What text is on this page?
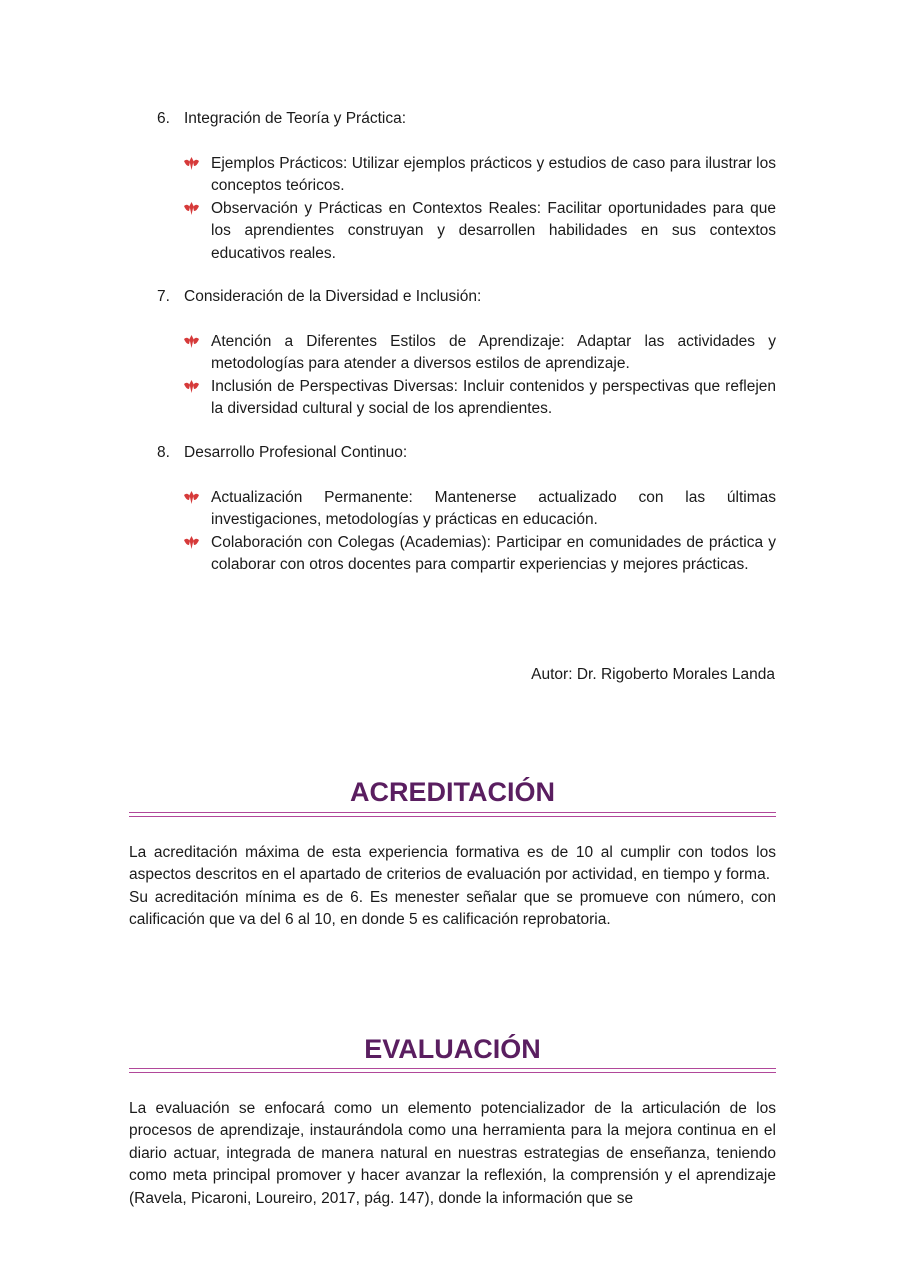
6. Integración de Teoría y Práctica:
Ejemplos Prácticos: Utilizar ejemplos prácticos y estudios de caso para ilustrar los conceptos teóricos.
Observación y Prácticas en Contextos Reales: Facilitar oportunidades para que los aprendientes construyan y desarrollen habilidades en sus contextos educativos reales.
7. Consideración de la Diversidad e Inclusión:
Atención a Diferentes Estilos de Aprendizaje: Adaptar las actividades y metodologías para atender a diversos estilos de aprendizaje.
Inclusión de Perspectivas Diversas: Incluir contenidos y perspectivas que reflejen la diversidad cultural y social de los aprendientes.
8. Desarrollo Profesional Continuo:
Actualización Permanente: Mantenerse actualizado con las últimas investigaciones, metodologías y prácticas en educación.
Colaboración con Colegas (Academias): Participar en comunidades de práctica y colaborar con otros docentes para compartir experiencias y mejores prácticas.
Autor: Dr. Rigoberto Morales Landa
ACREDITACIÓN
La acreditación máxima de esta experiencia formativa es de 10 al cumplir con todos los aspectos descritos en el apartado de criterios de evaluación por actividad, en tiempo y forma.
Su acreditación mínima es de 6. Es menester señalar que se promueve con número, con calificación que va del 6 al 10, en donde 5 es calificación reprobatoria.
EVALUACIÓN
La evaluación se enfocará como un elemento potencializador de la articulación de los procesos de aprendizaje, instaurándola como una herramienta para la mejora continua en el diario actuar, integrada de manera natural en nuestras estrategias de enseñanza, teniendo como meta principal promover y hacer avanzar la reflexión, la comprensión y el aprendizaje (Ravela, Picaroni, Loureiro, 2017, pág. 147), donde la información que se
